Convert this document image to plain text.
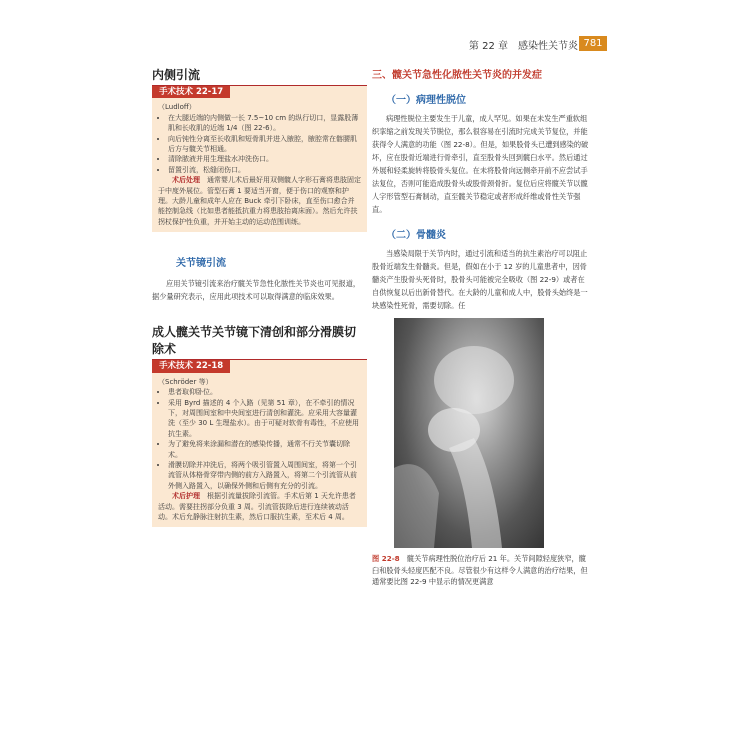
第 22 章　感染性关节炎 781
内侧引流
手术技术 22-17

（Ludloff）

• 在大腿近端的内侧做一长 7.5~10 cm 的纵行切口，显露股薄肌和长收肌的近端 1/4（图 22-6）。
• 向后钝性分离至长收肌和短骨肌并进入腋腔，腋腔常在髂腰肌后方与髋关节相通。
• 清除脓液并用生理盐水冲洗伤口。
• 留置引流，松缝闭伤口。

术后处理　 通常婴儿术后最好用双侧髋人字形石膏将患肢固定于中度外展位。管型石膏 1 要适当开窗，便于伤口的观察和护理。大龄儿童和成年人应在 Buck 牵引下卧床，直至伤口愈合并能控制急线（比如患者能抵抗重力将患肢抬离床面）。然后允许扶拐杖保护性负重，并开始主动的运动范围训练。

关节镜引流

应用关节镜引流来治疗髋关节急性化脓性关节炎也可见报道，据少量研究表示，应用此项技术可以取得满意的临床效果。

成人髋关节关节镜下清创和部分滑膜切除术
手术技术 22-18

（Schröder 等）

• 患者取仰卧位。
• 采用 Byrd 描述的 4 个入路（见第 51 章），在不牵引的情况下，对周围间室和中央间室进行清创和灌洗。应采用大容量灌洗（至少 30 L 生理盐水）。由于可疑对软骨有毒性，不应使用抗生素。
• 为了避免将来涂漏和潜在的感染传播，通常不行关节囊切除术。
• 滑膜切除并冲洗后，将两个吸引管置入周围间室，将第一个引流管从体格骨穿带内侧的前方入路置入，将第二个引流管从前外侧入路置入，以确保外侧和后侧有充分的引流。

术后护理　 根据引流量拔除引流管。手术后第 1 天允许患者活动。需要拄拐部分负重 3 周。引流管拔除后进行连续被动活动。术后允静脉注射抗生素，然后口服抗生素，至术后 4 周。

三、髋关节急性化脓性关节炎的并发症

（一）病理性脱位

病理性脱位主要发生于儿童，成人罕见。如果在未发生严重软组织挛缩之前发现关节脱位，那么很容易在引流时完成关节复位，并能获得令人满意的功能（图 22-8）。但是，如果股骨头已遭到感染的破坏，应在股骨近端进行骨牵引，直至股骨头回到髋臼水平。然后通过外展和轻柔旋转将股骨头复位。在未将股骨向远侧牵开前不应尝试手法复位，否则可能造成股骨头或股骨颈骨折。复位后应将髋关节以髋人字形管型石膏制动，直至髋关节稳定或者形成纤维或骨性关节强直。

（二）骨髓炎

当感染局限于关节内时，通过引流和适当的抗生素治疗可以阻止股骨近端发生骨髓炎。但是，假如在小于 12 岁的儿童患者中，因骨髓炎产生股骨头死骨时，股骨头可能被完全吸收（图 22-9）或者在自供恢复以后出新骨替代。在大龄的儿童和成人中，股骨头始终是一块感染性死骨，需要切除。任

图 22-8　 髋关节病理性脱位治疗后 21 年。关节间隙轻度狭窄，髋臼和股骨头轻度匹配不良。尽管很少有这样令人满意的治疗结果，但通常要比图 22-9 中显示的情况更满意
